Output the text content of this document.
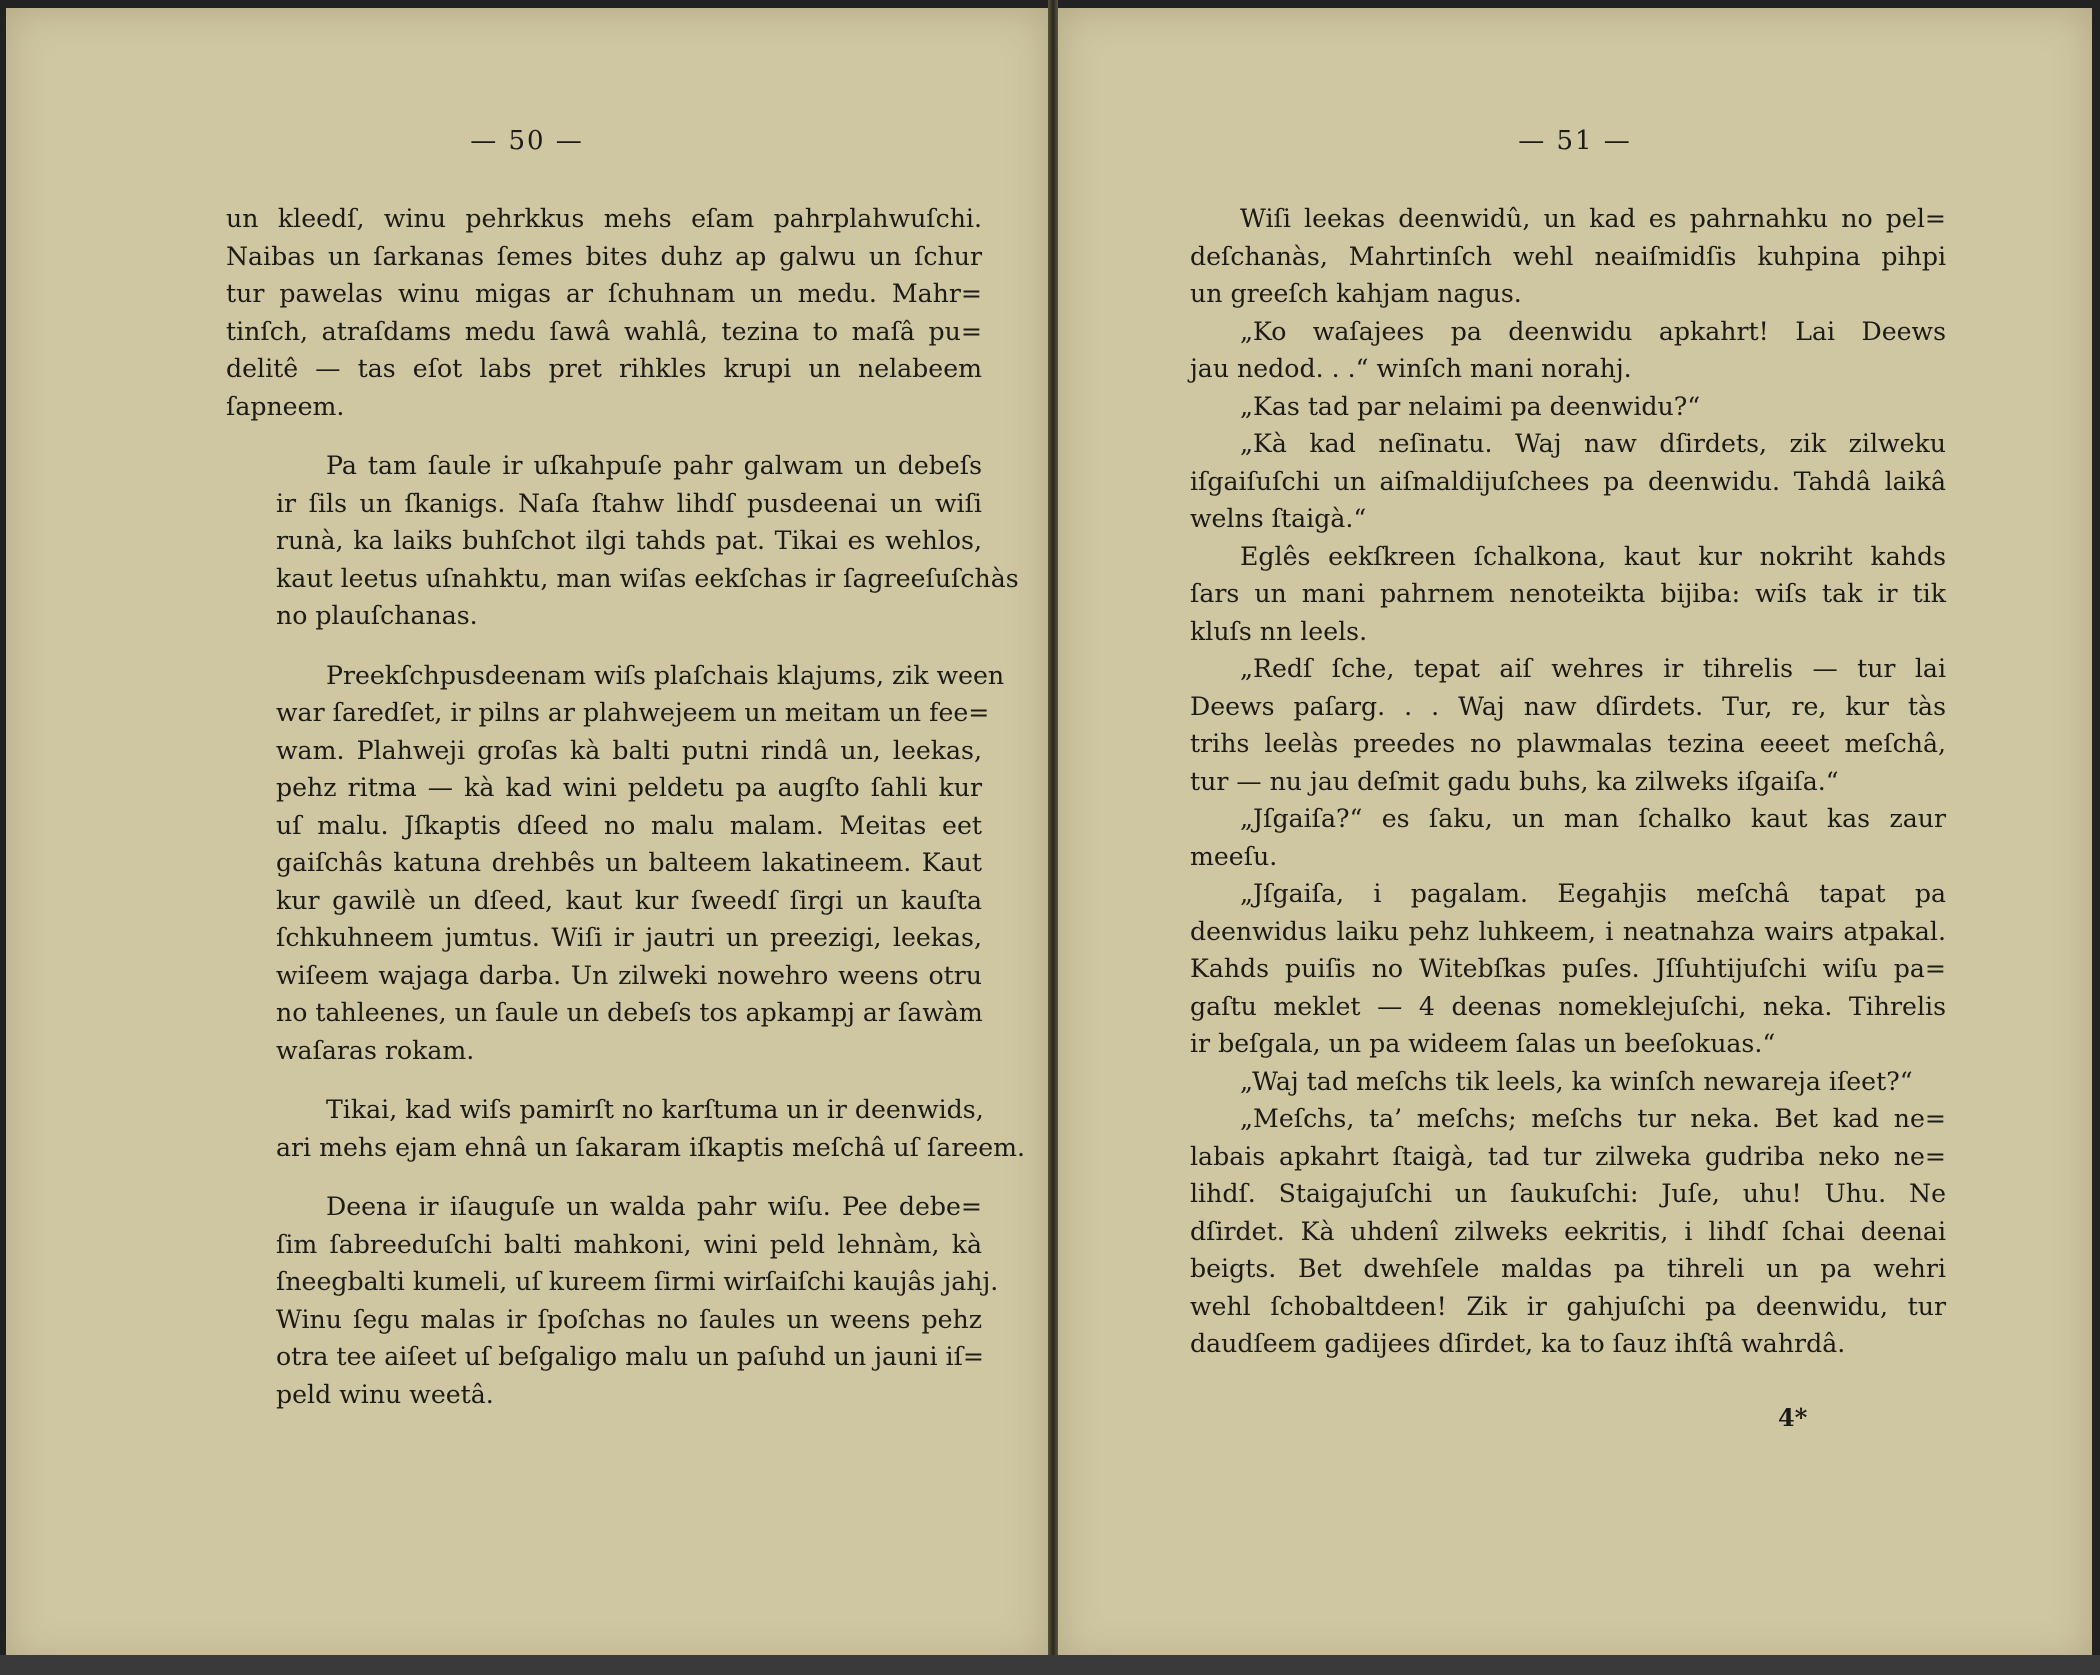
— 50 —
un kleedſ, winu pehrkkus mehs eſam pahrplahwuſchi.
Naibas un ſarkanas ſemes bites duhz ap galwu un ſchur
tur pawelas winu migas ar ſchuhnam un medu. Mahr=
tinſch, atraſdams medu ſawâ wahlâ, tezina to maſâ pu=
delitê — tas eſot labs pret rihkles krupi un nelabeem
ſapneem.
Pa tam ſaule ir uſkahpuſe pahr galwam un debeſs
ir ſils un ſkanigs. Naſa ſtahw lihdſ pusdeenai un wiſi
runà, ka laiks buhſchot ilgi tahds pat. Tikai es wehlos,
kaut leetus uſnahktu, man wiſas eekſchas ir ſagreeſuſchàs
no plauſchanas.
Preekſchpusdeenam wiſs plaſchais klajums, zik ween
war ſaredſet, ir pilns ar plahwejeem un meitam un fee=
wam. Plahweji groſas kà balti putni rindâ un, leekas,
pehz ritma — kà kad wini peldetu pa augſto ſahli kur
uſ malu. Jſkaptis dſeed no malu malam. Meitas eet
gaiſchâs katuna drehbês un balteem lakatineem. Kaut
kur gawilè un dſeed, kaut kur ſweedſ ſirgi un kauſta
ſchkuhneem jumtus. Wiſi ir jautri un preezigi, leekas,
wiſeem wajaga darba. Un zilweki nowehro weens otru
no tahleenes, un ſaule un debeſs tos apkampj ar ſawàm
waſaras rokam.
Tikai, kad wiſs pamirſt no karſtuma un ir deenwids,
ari mehs ejam ehnâ un ſakaram iſkaptis meſchâ uſ ſareem.
Deena ir iſauguſe un walda pahr wiſu. Pee debe=
ſim ſabreeduſchi balti mahkoni, wini peld lehnàm, kà
ſneegbalti kumeli, uſ kureem ſirmi wirſaiſchi kaujâs jahj.
Winu ſegu malas ir ſpoſchas no ſaules un weens pehz
otra tee aiſeet uſ beſgaligo malu un paſuhd un jauni iſ=
peld winu weetâ.
— 51 —
Wiſi leekas deenwidû, un kad es pahrnahku no pel=
deſchanàs, Mahrtinſch wehl neaiſmidſis kuhpina pihpi
un greeſch kahjam nagus.
„Ko waſajees pa deenwidu apkahrt! Lai Deews
jau nedod. . .“ winſch mani norahj.
„Kas tad par nelaimi pa deenwidu?“
„Kà kad neſinatu. Waj naw dſirdets, zik zilweku
iſgaiſuſchi un aiſmaldijuſchees pa deenwidu. Tahdâ laikâ
welns ſtaigà.“
Eglês eekſkreen ſchalkona, kaut kur nokriht kahds
ſars un mani pahrnem nenoteikta bijiba: wiſs tak ir tik
kluſs nn leels.
„Redſ ſche, tepat aiſ wehres ir tihrelis — tur lai
Deews paſarg. . . Waj naw dſirdets. Tur, re, kur tàs
trihs leelàs preedes no plawmalas tezina eeeet meſchâ,
tur — nu jau deſmit gadu buhs, ka zilweks iſgaiſa.“
„Jſgaiſa?“ es ſaku, un man ſchalko kaut kas zaur
meeſu.
„Jſgaiſa, i pagalam. Eegahjis meſchâ tapat pa
deenwidus laiku pehz luhkeem, i neatnahza wairs atpakal.
Kahds puiſis no Witebſkas puſes. Jſſuhtijuſchi wiſu pa=
gaſtu meklet — 4 deenas nomeklejuſchi, neka. Tihrelis
ir beſgala, un pa wideem ſalas un beeſokuas.“
„Waj tad meſchs tik leels, ka winſch newareja iſeet?“
„Meſchs, ta’ meſchs; meſchs tur neka. Bet kad ne=
labais apkahrt ſtaigà, tad tur zilweka gudriba neko ne=
lihdſ. Staigajuſchi un ſaukuſchi: Juſe, uhu! Uhu. Ne
dſirdet. Kà uhdenî zilweks eekritis, i lihdſ ſchai deenai
beigts. Bet dwehſele maldas pa tihreli un pa wehri
wehl ſchobaltdeen! Zik ir gahjuſchi pa deenwidu, tur
daudſeem gadijees dſirdet, ka to ſauz ihſtâ wahrdâ.
4*
